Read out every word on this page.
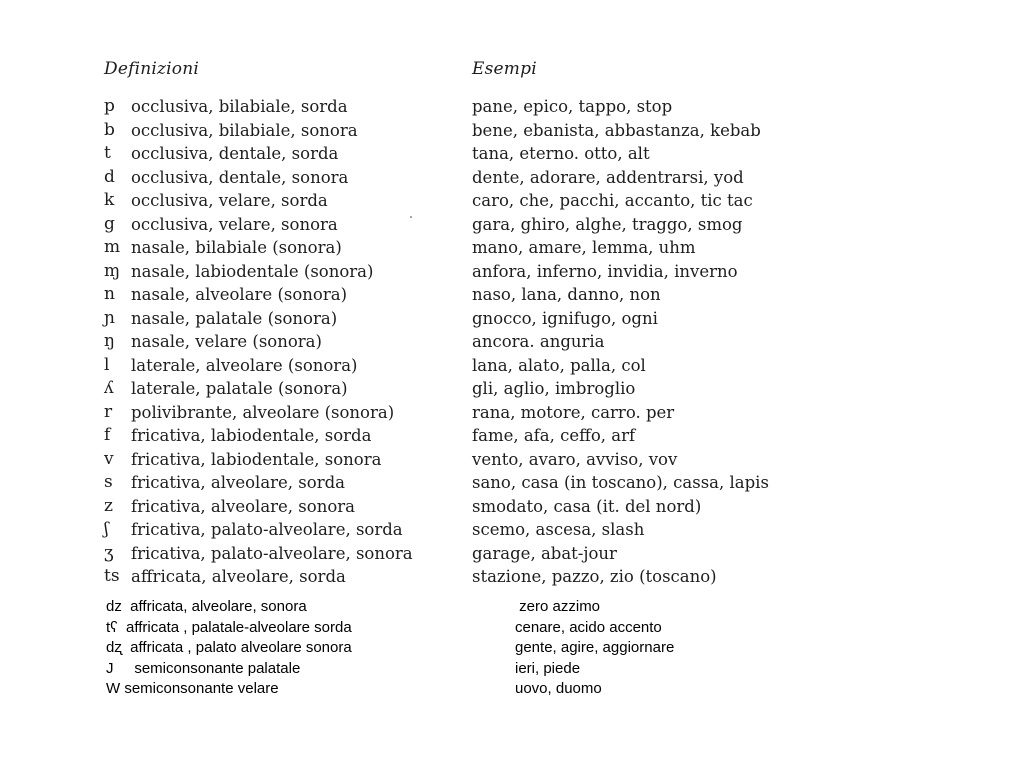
Definizioni	Esempi
p occlusiva, bilabiale, sorda	pane, epico, tappo, stop
b occlusiva, bilabiale, sonora	bene, ebanista, abbastanza, kebab
t occlusiva, dentale, sorda	tana, eterno. otto, alt
d occlusiva, dentale, sonora	dente, adorare, addentrarsi, yod
k occlusiva, velare, sorda	caro, che, pacchi, accanto, tic tac
g occlusiva, velare, sonora	gara, ghiro, alghe, traggo, smog
m nasale, bilabiale (sonora)	mano, amare, lemma, uhm
ɱ nasale, labiodentale (sonora)	anfora, inferno, invidia, inverno
n nasale, alveolare (sonora)	naso, lana, danno, non
ɲ nasale, palatale (sonora)	gnocco, ignifugo, ogni
ŋ nasale, velare (sonora)	ancora. anguria
l laterale, alveolare (sonora)	lana, alato, palla, col
ʎ laterale, palatale (sonora)	gli, aglio, imbroglio
r polivibrante, alveolare (sonora)	rana, motore, carro. per
f fricativa, labiodentale, sorda	fame, afa, ceffo, arf
v fricativa, labiodentale, sonora	vento, avaro, avviso, vov
s fricativa, alveolare, sorda	sano, casa (in toscano), cassa, lapis
z fricativa, alveolare, sonora	smodato, casa (it. del nord)
ʃ fricativa, palato-alveolare, sorda	scemo, ascesa, slash
ʒ fricativa, palato-alveolare, sonora	garage, abat-jour
ts affricata, alveolare, sorda	stazione, pazzo, zio (toscano)
dz  affricata, alveolare, sonora	zero azzimo
tʕ  affricata , palatale-alveolare sorda	cenare, acido accento
dʐ  affricata , palato alveolare sonora	gente, agire, aggiornare
J     semiconsonante palatale	ieri, piede
W semiconsonante velare	uovo, duomo
